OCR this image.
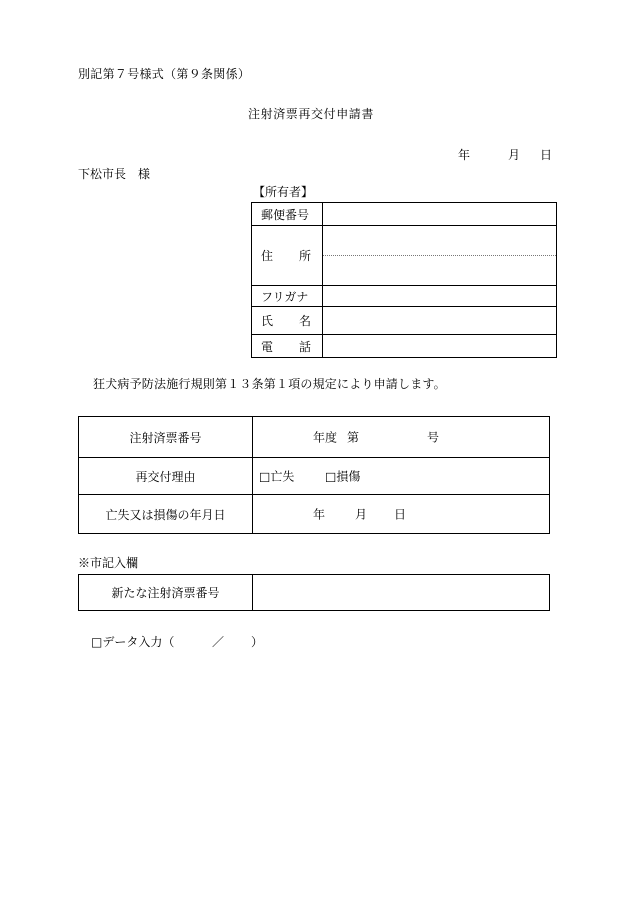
別記第７号様式（第９条関係）
注射済票再交付申請書
年	月 日
下松市長　様
【所有者】
郵便番号
住 所
フリガナ
氏 名
電 話
狂犬病予防法施行規則第１３条第１項の規定により申請します。
注射済票番号	年度 第	号
再交付理由	□亡失	□損傷
亡失又は損傷の年月日	年 月 日
※市記入欄
新たな注射済票番号
□データ入力（	／ ）
